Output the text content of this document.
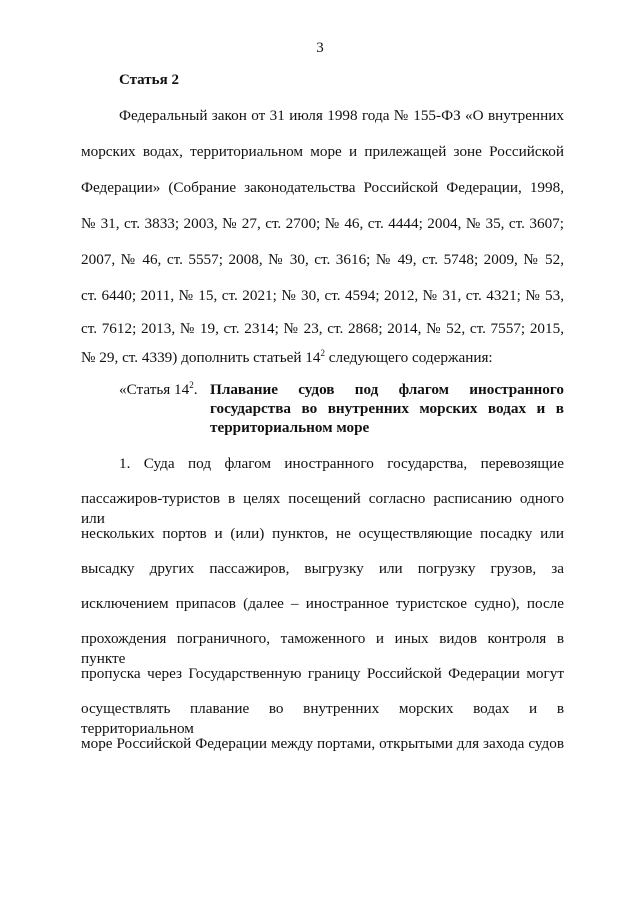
3
Статья 2
Федеральный закон от 31 июля 1998 года № 155-ФЗ «О внутренних
морских водах, территориальном море и прилежащей зоне Российской
Федерации» (Собрание законодательства Российской Федерации, 1998,
№ 31, ст. 3833; 2003, № 27, ст. 2700; № 46, ст. 4444; 2004, № 35, ст. 3607;
2007, № 46, ст. 5557; 2008, № 30, ст. 3616; № 49, ст. 5748; 2009, № 52,
ст. 6440; 2011, № 15, ст. 2021; № 30, ст. 4594; 2012, № 31, ст. 4321; № 53,
ст. 7612; 2013, № 19, ст. 2314; № 23, ст. 2868; 2014, № 52, ст. 7557; 2015,
№ 29, ст. 4339) дополнить статьей $14^2$ следующего содержания:
«Статья $14^2$. Плавание судов под флагом иностранного
государства во внутренних морских водах и в
территориальном море
1. Суда под флагом иностранного государства, перевозящие
пассажиров-туристов в целях посещений согласно расписанию одного или
нескольких портов и (или) пунктов, не осуществляющие посадку или
высадку других пассажиров, выгрузку или погрузку грузов, за
исключением припасов (далее – иностранное туристское судно), после
прохождения пограничного, таможенного и иных видов контроля в пункте
пропуска через Государственную границу Российской Федерации могут
осуществлять плавание во внутренних морских водах и в территориальном
море Российской Федерации между портами, открытыми для захода судов
